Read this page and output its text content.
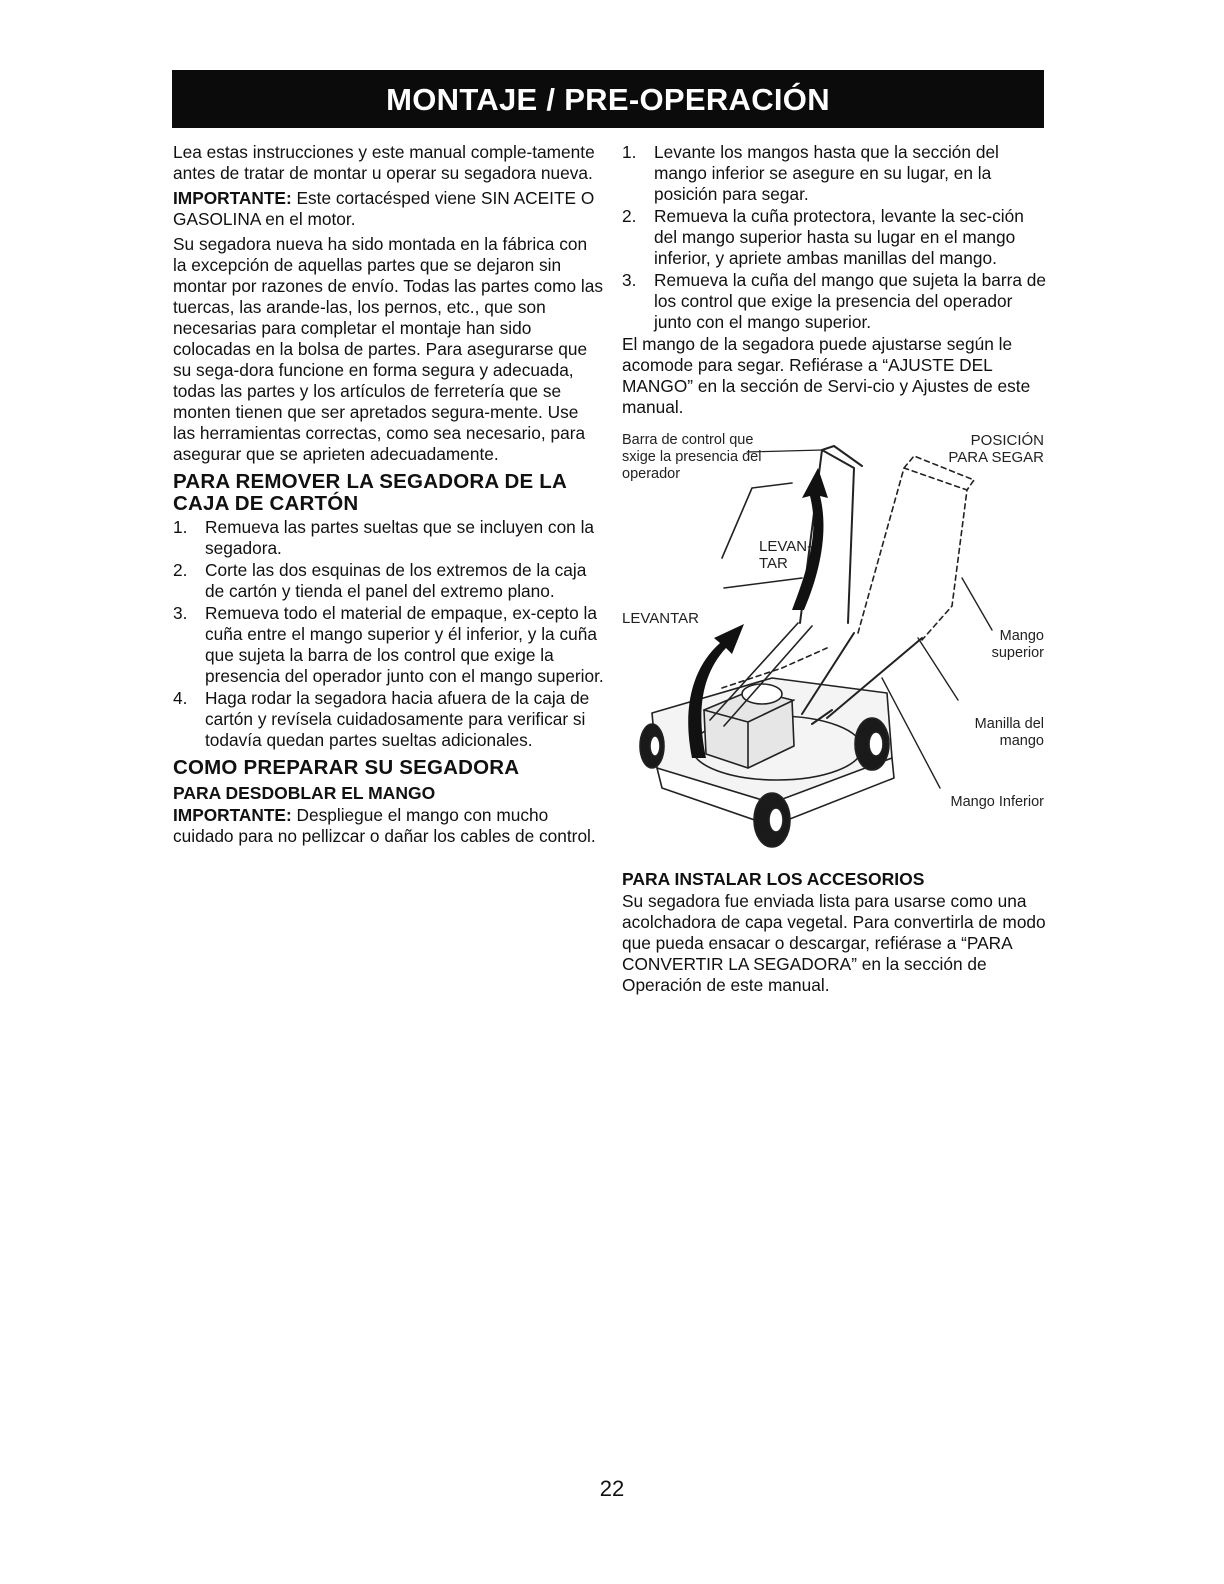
MONTAJE / PRE-OPERACIÓN

Lea estas instrucciones y este manual comple-tamente antes de tratar de montar u operar su segadora nueva.

IMPORTANTE: Este cortacésped viene SIN ACEITE O GASOLINA en el motor.

Su segadora nueva ha sido montada en la fábrica con la excepción de aquellas partes que se dejaron sin montar por razones de envío. Todas las partes como las tuercas, las arande-las, los pernos, etc., que son necesarias para completar el montaje han sido colocadas en la bolsa de partes. Para asegurarse que su sega-dora funcione en forma segura y adecuada, todas las partes y los artículos de ferretería que se monten tienen que ser apretados segura-mente. Use las herramientas correctas, como sea necesario, para asegurar que se aprieten adecuadamente.

PARA REMOVER LA SEGADORA DE LA CAJA DE CARTÓN
1.	Remueva las partes sueltas que se incluyen con la segadora.
2.	Corte las dos esquinas de los extremos de la caja de cartón y tienda el panel del extremo plano.
3.	Remueva todo el material de empaque, ex-cepto la cuña entre el mango superior y él inferior, y la cuña que sujeta la barra de los control que exige la presencia del operador junto con el mango superior.
4.	Haga rodar la segadora hacia afuera de la caja de cartón y revísela cuidadosamente para verificar si todavía quedan partes sueltas adicionales.
COMO PREPARAR SU SEGADORA
PARA DESDOBLAR EL MANGO

IMPORTANTE: Despliegue el mango con mucho cuidado para no pellizcar o dañar los cables de control.

1.	Levante los mangos hasta que la sección del mango inferior se asegure en su lugar, en la posición para segar.
2.	Remueva la cuña protectora, levante la sec-ción del mango superior hasta su lugar en el mango inferior, y apriete ambas manillas del mango.
3.	Remueva la cuña del mango que sujeta la barra de los control que exige la presencia del operador junto con el mango superior.

El mango de la segadora puede ajustarse según le acomode para segar. Refiérase a “AJUSTE DEL MANGO” en la sección de Servi-cio y Ajustes de este manual.

Barra de control que sxige la presencia del operador
POSICIÓN PARA SEGAR
LEVAN-TAR
LEVANTAR
Mango superior
Manilla del mango
Mango Inferior
PARA INSTALAR LOS ACCESORIOS

Su segadora fue enviada lista para usarse como una acolchadora de capa vegetal. Para convertirla de modo que pueda ensacar o descargar, refiérase a “PARA CONVERTIR LA SEGADORA” en la sección de Operación de este manual.

22
